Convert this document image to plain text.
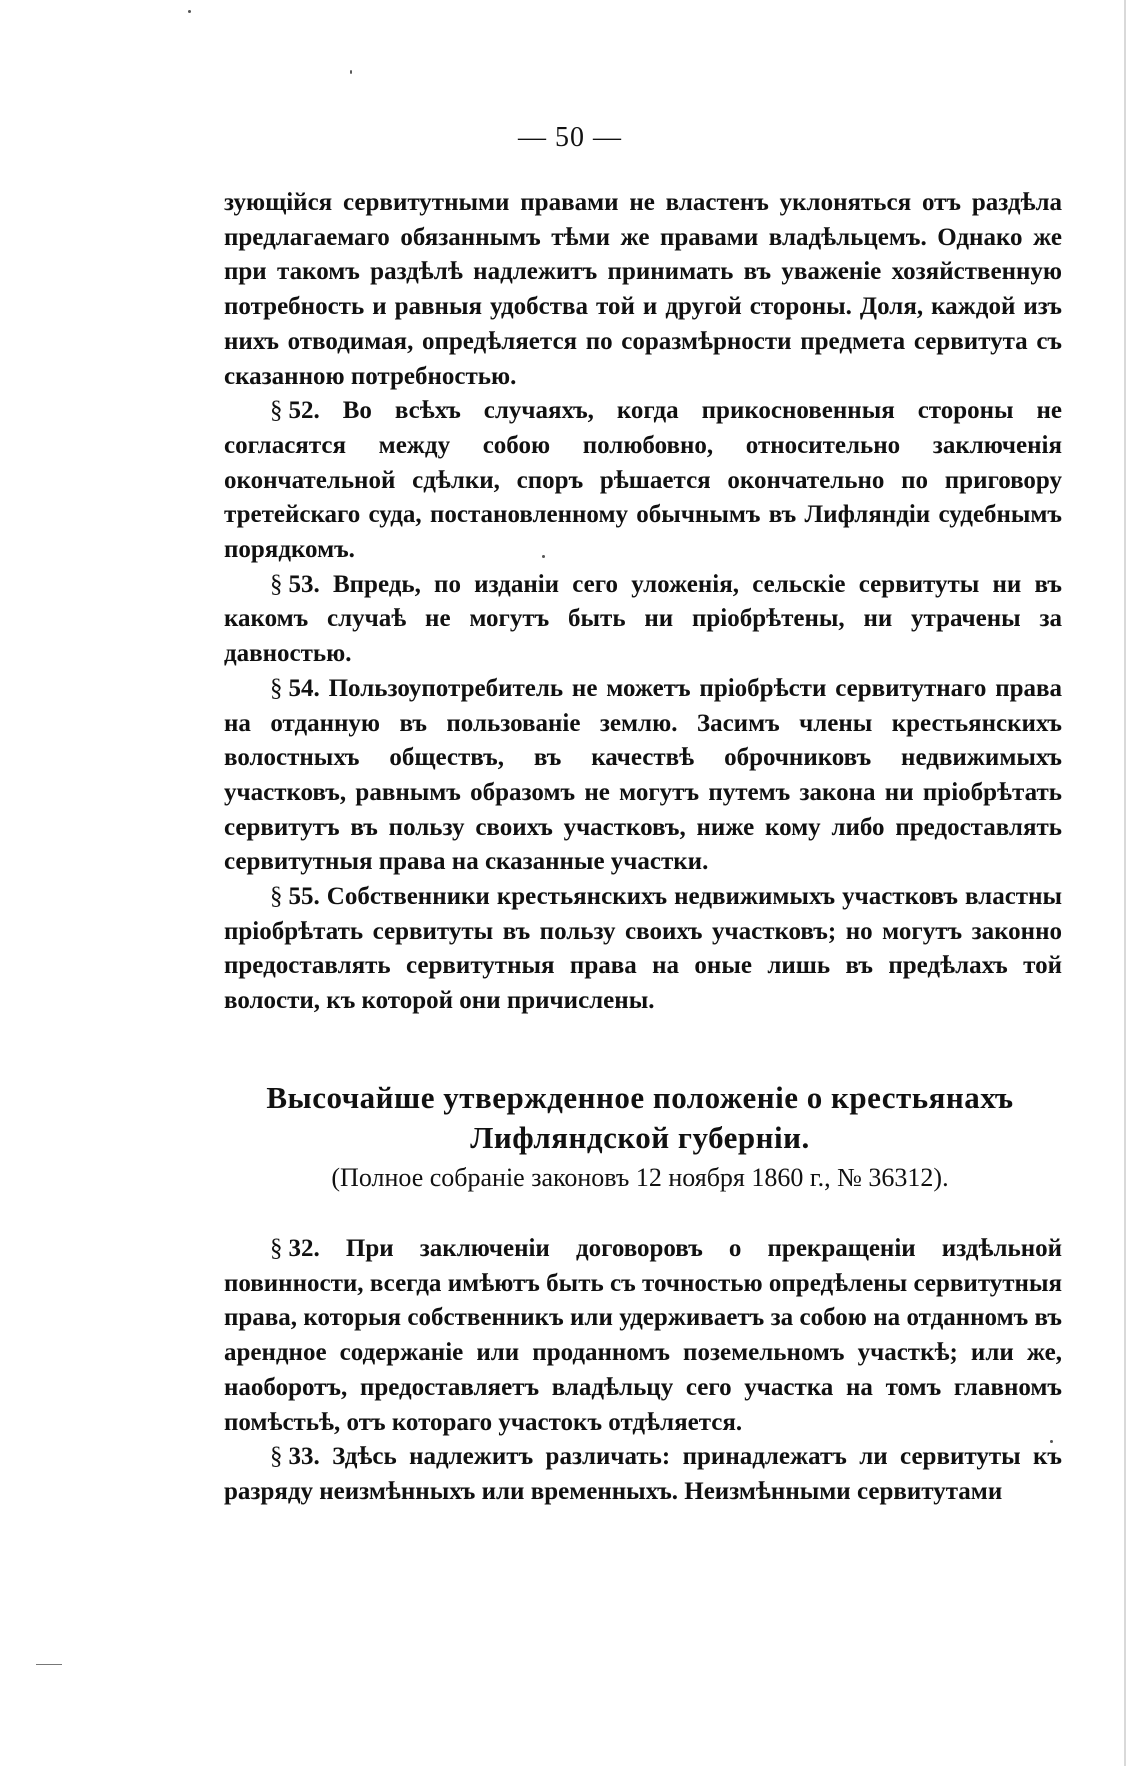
— 50 —

зующійся сервитутными правами не властенъ уклоняться отъ раздѣла предлагаемаго обязаннымъ тѣми же правами владѣльцемъ. Однако же при такомъ раздѣлѣ надлежитъ принимать въ уваженіе хозяйственную потребность и равныя удобства той и другой стороны. Доля, каждой изъ нихъ отводимая, опредѣляется по соразмѣрности предмета сервитута съ сказанною потребностью.

§ 52. Во всѣхъ случаяхъ, когда прикосновенныя стороны не согласятся между собою полюбовно, относительно заключенія окончательной сдѣлки, споръ рѣшается окончательно по приговору третейскаго суда, постановленному обычнымъ въ Лифляндіи судебнымъ порядкомъ.

§ 53. Впредь, по изданіи сего уложенія, сельскіе сервитуты ни въ какомъ случаѣ не могутъ быть ни пріобрѣтены, ни утрачены за давностью.

§ 54. Пользоупотребитель не можетъ пріобрѣсти сервитутнаго права на отданную въ пользованіе землю. Засимъ члены крестьянскихъ волостныхъ обществъ, въ качествѣ оброчниковъ недвижимыхъ участковъ, равнымъ образомъ не могутъ путемъ закона ни пріобрѣтать сервитутъ въ пользу своихъ участковъ, ниже кому либо предоставлять сервитутныя права на сказанные участки.

§ 55. Собственники крестьянскихъ недвижимыхъ участковъ властны пріобрѣтать сервитуты въ пользу своихъ участковъ; но могутъ законно предоставлять сервитутныя права на оные лишь въ предѣлахъ той волости, къ которой они причислены.

Высочайше утвержденное положеніе о крестьянахъ
Лифляндской губерніи.
(Полное собраніе законовъ 12 ноября 1860 г., № 36312).

§ 32. При заключеніи договоровъ о прекращеніи издѣльной повинности, всегда имѣютъ быть съ точностью опредѣлены сервитутныя права, которыя собственникъ или удерживаетъ за собою на отданномъ въ арендное содержаніе или проданномъ поземельномъ участкѣ; или же, наоборотъ, предоставляетъ владѣльцу сего участка на томъ главномъ помѣстьѣ, отъ котораго участокъ отдѣляется.

§ 33. Здѣсь надлежитъ различать: принадлежатъ ли сервитуты къ разряду неизмѣнныхъ или временныхъ. Неизмѣнными сервитутами
